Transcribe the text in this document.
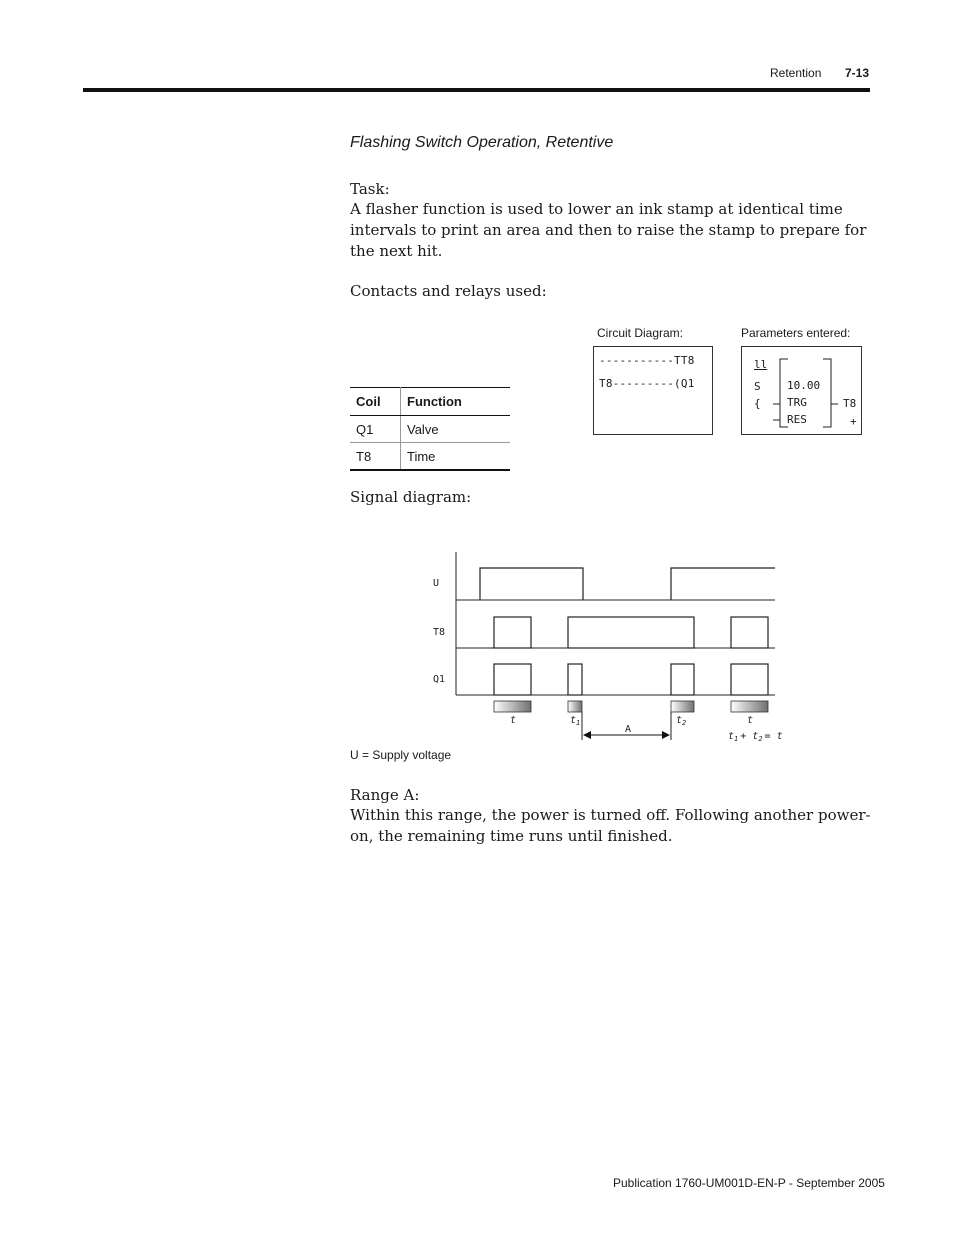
Retention 7-13
Flashing Switch Operation, Retentive
Task:
A flasher function is used to lower an ink stamp at identical time intervals to print an area and then to raise the stamp to prepare for the next hit.
Contacts and relays used:
Coil	Function
Q1	Valve
T8	Time
Circuit Diagram:
-----------TT8
T8---------(Q1
Parameters entered:
ll
S
{
10.00
TRG
RES
T8
+
Signal diagram:
U
T8
Q1
t	$t_1$	$t_2$	t
A
$t_1 + t_2 = t$
U = Supply voltage
Range A:
Within this range, the power is turned off. Following another power-on, the remaining time runs until finished.
Publication 1760-UM001D-EN-P - September 2005
